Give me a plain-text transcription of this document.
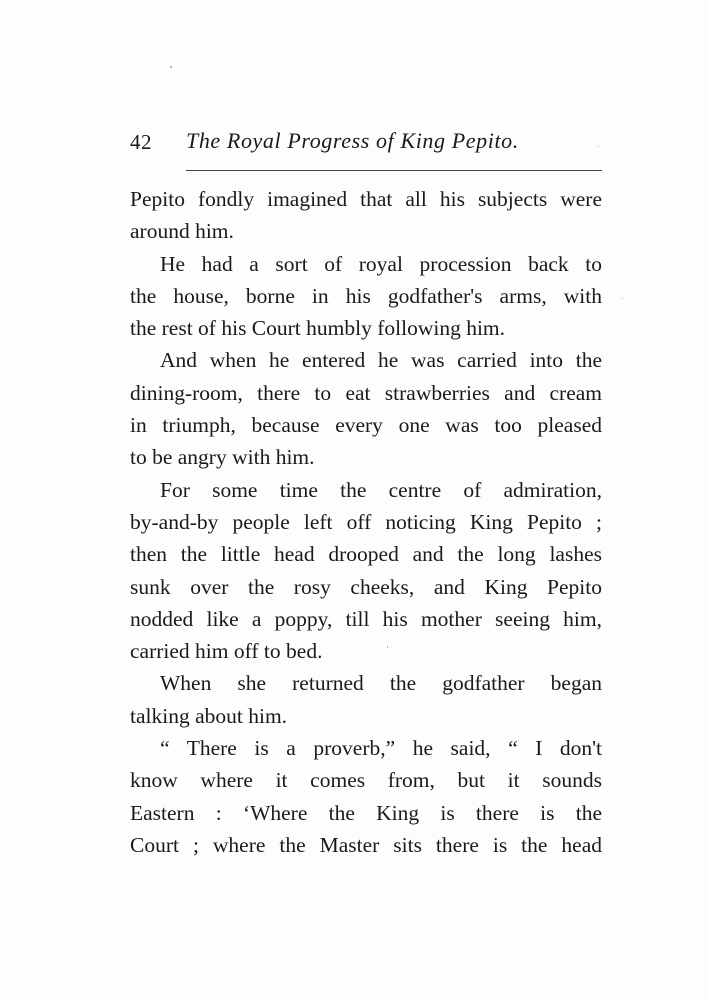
42 The Royal Progress of King Pepito.
Pepito fondly imagined that all his subjects were
around him.
He had a sort of royal procession back to
the house, borne in his godfather's arms, with
the rest of his Court humbly following him.
And when he entered he was carried into the
dining-room, there to eat strawberries and cream
in triumph, because every one was too pleased
to be angry with him.
For some time the centre of admiration,
by-and-by people left off noticing King Pepito ;
then the little head drooped and the long lashes
sunk over the rosy cheeks, and King Pepito
nodded like a poppy, till his mother seeing him,
carried him off to bed.
When she returned the godfather began
talking about him.
“ There is a proverb,” he said, “ I don't
know where it comes from, but it sounds
Eastern : ‘Where the King is there is the
Court ; where the Master sits there is the head
